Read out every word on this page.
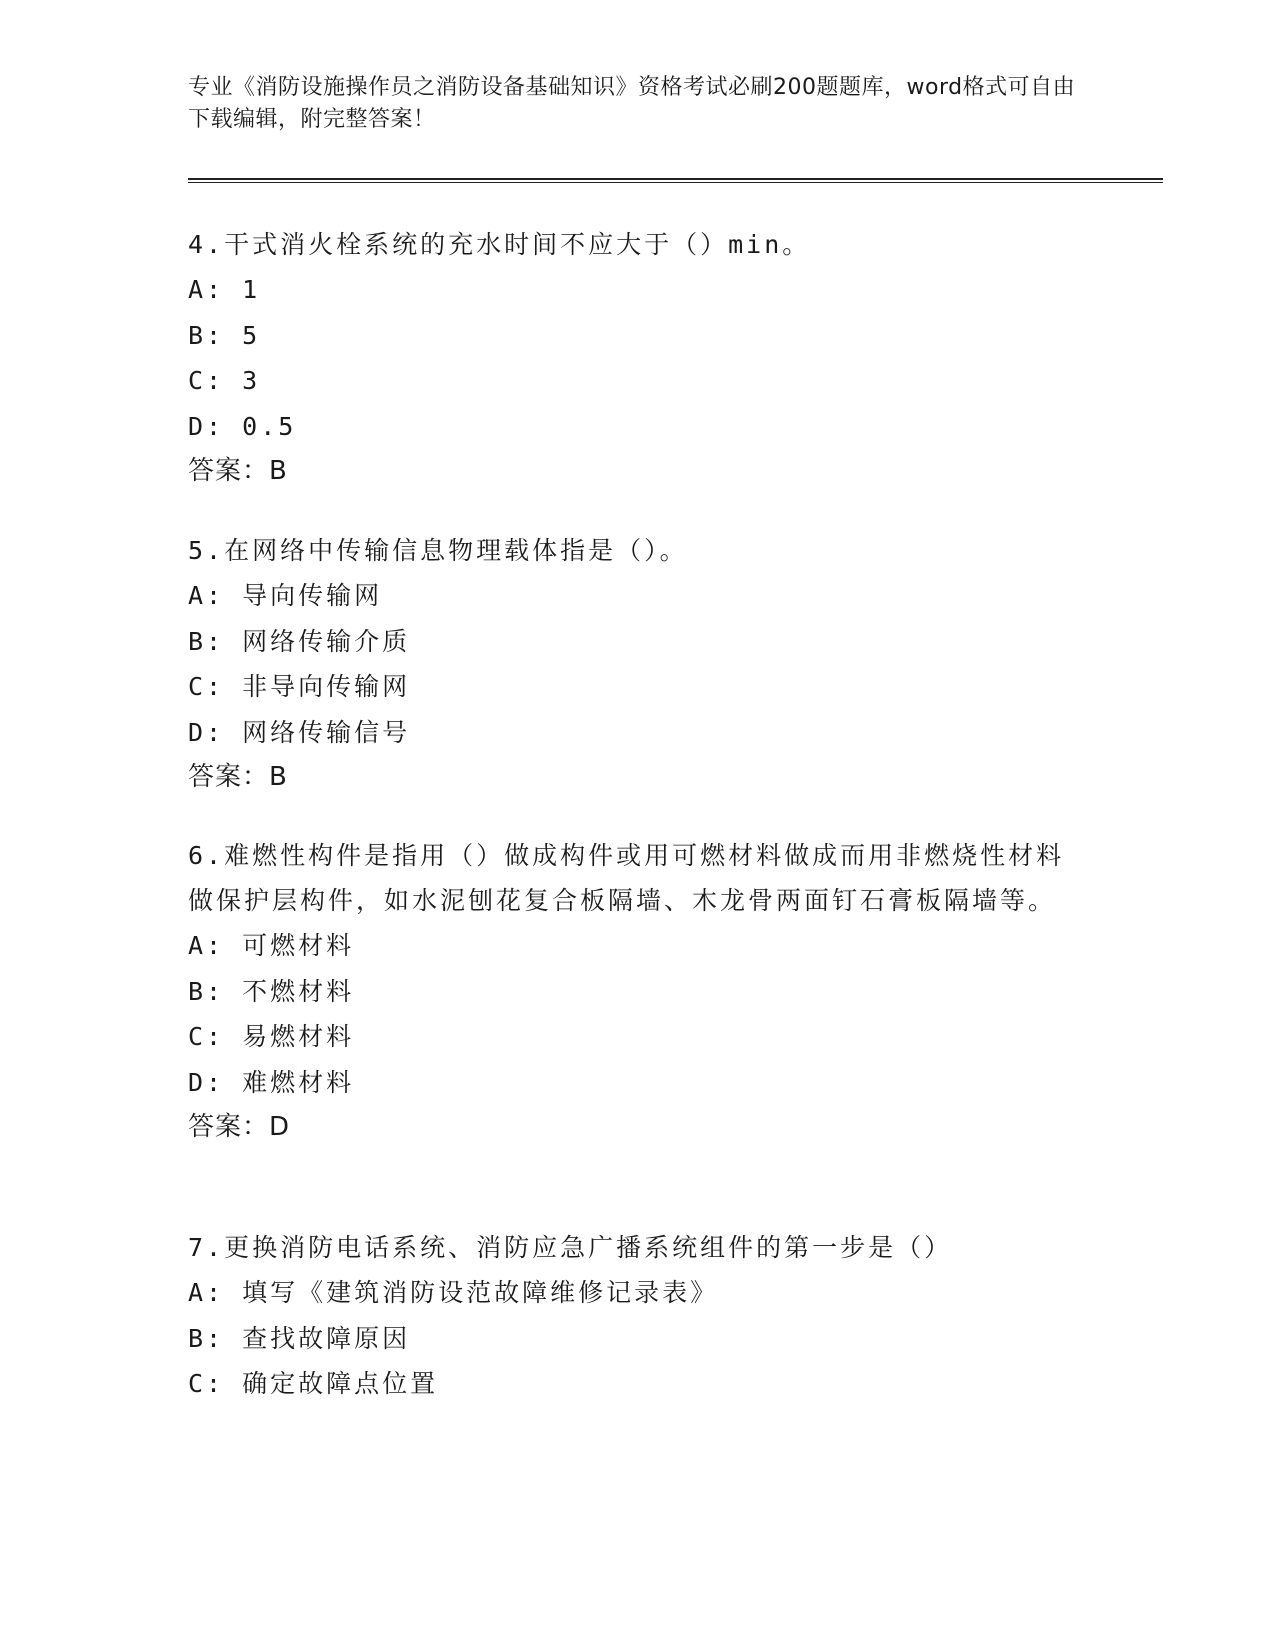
专业《消防设施操作员之消防设备基础知识》资格考试必刷200题题库，word格式可自由下载编辑，附完整答案！

4.干式消火栓系统的充水时间不应大于（）min。

A: 1

B: 5

C: 3

D: 0.5

答案：B

5.在网络中传输信息物理载体指是（）。

A: 导向传输网

B: 网络传输介质

C: 非导向传输网

D: 网络传输信号

答案：B

6.难燃性构件是指用（）做成构件或用可燃材料做成而用非燃烧性材料做保护层构件，如水泥刨花复合板隔墙、木龙骨两面钉石膏板隔墙等。

A: 可燃材料

B: 不燃材料

C: 易燃材料

D: 难燃材料

答案：D

7.更换消防电话系统、消防应急广播系统组件的第一步是（）

A: 填写《建筑消防设范故障维修记录表》

B: 查找故障原因

C: 确定故障点位置
